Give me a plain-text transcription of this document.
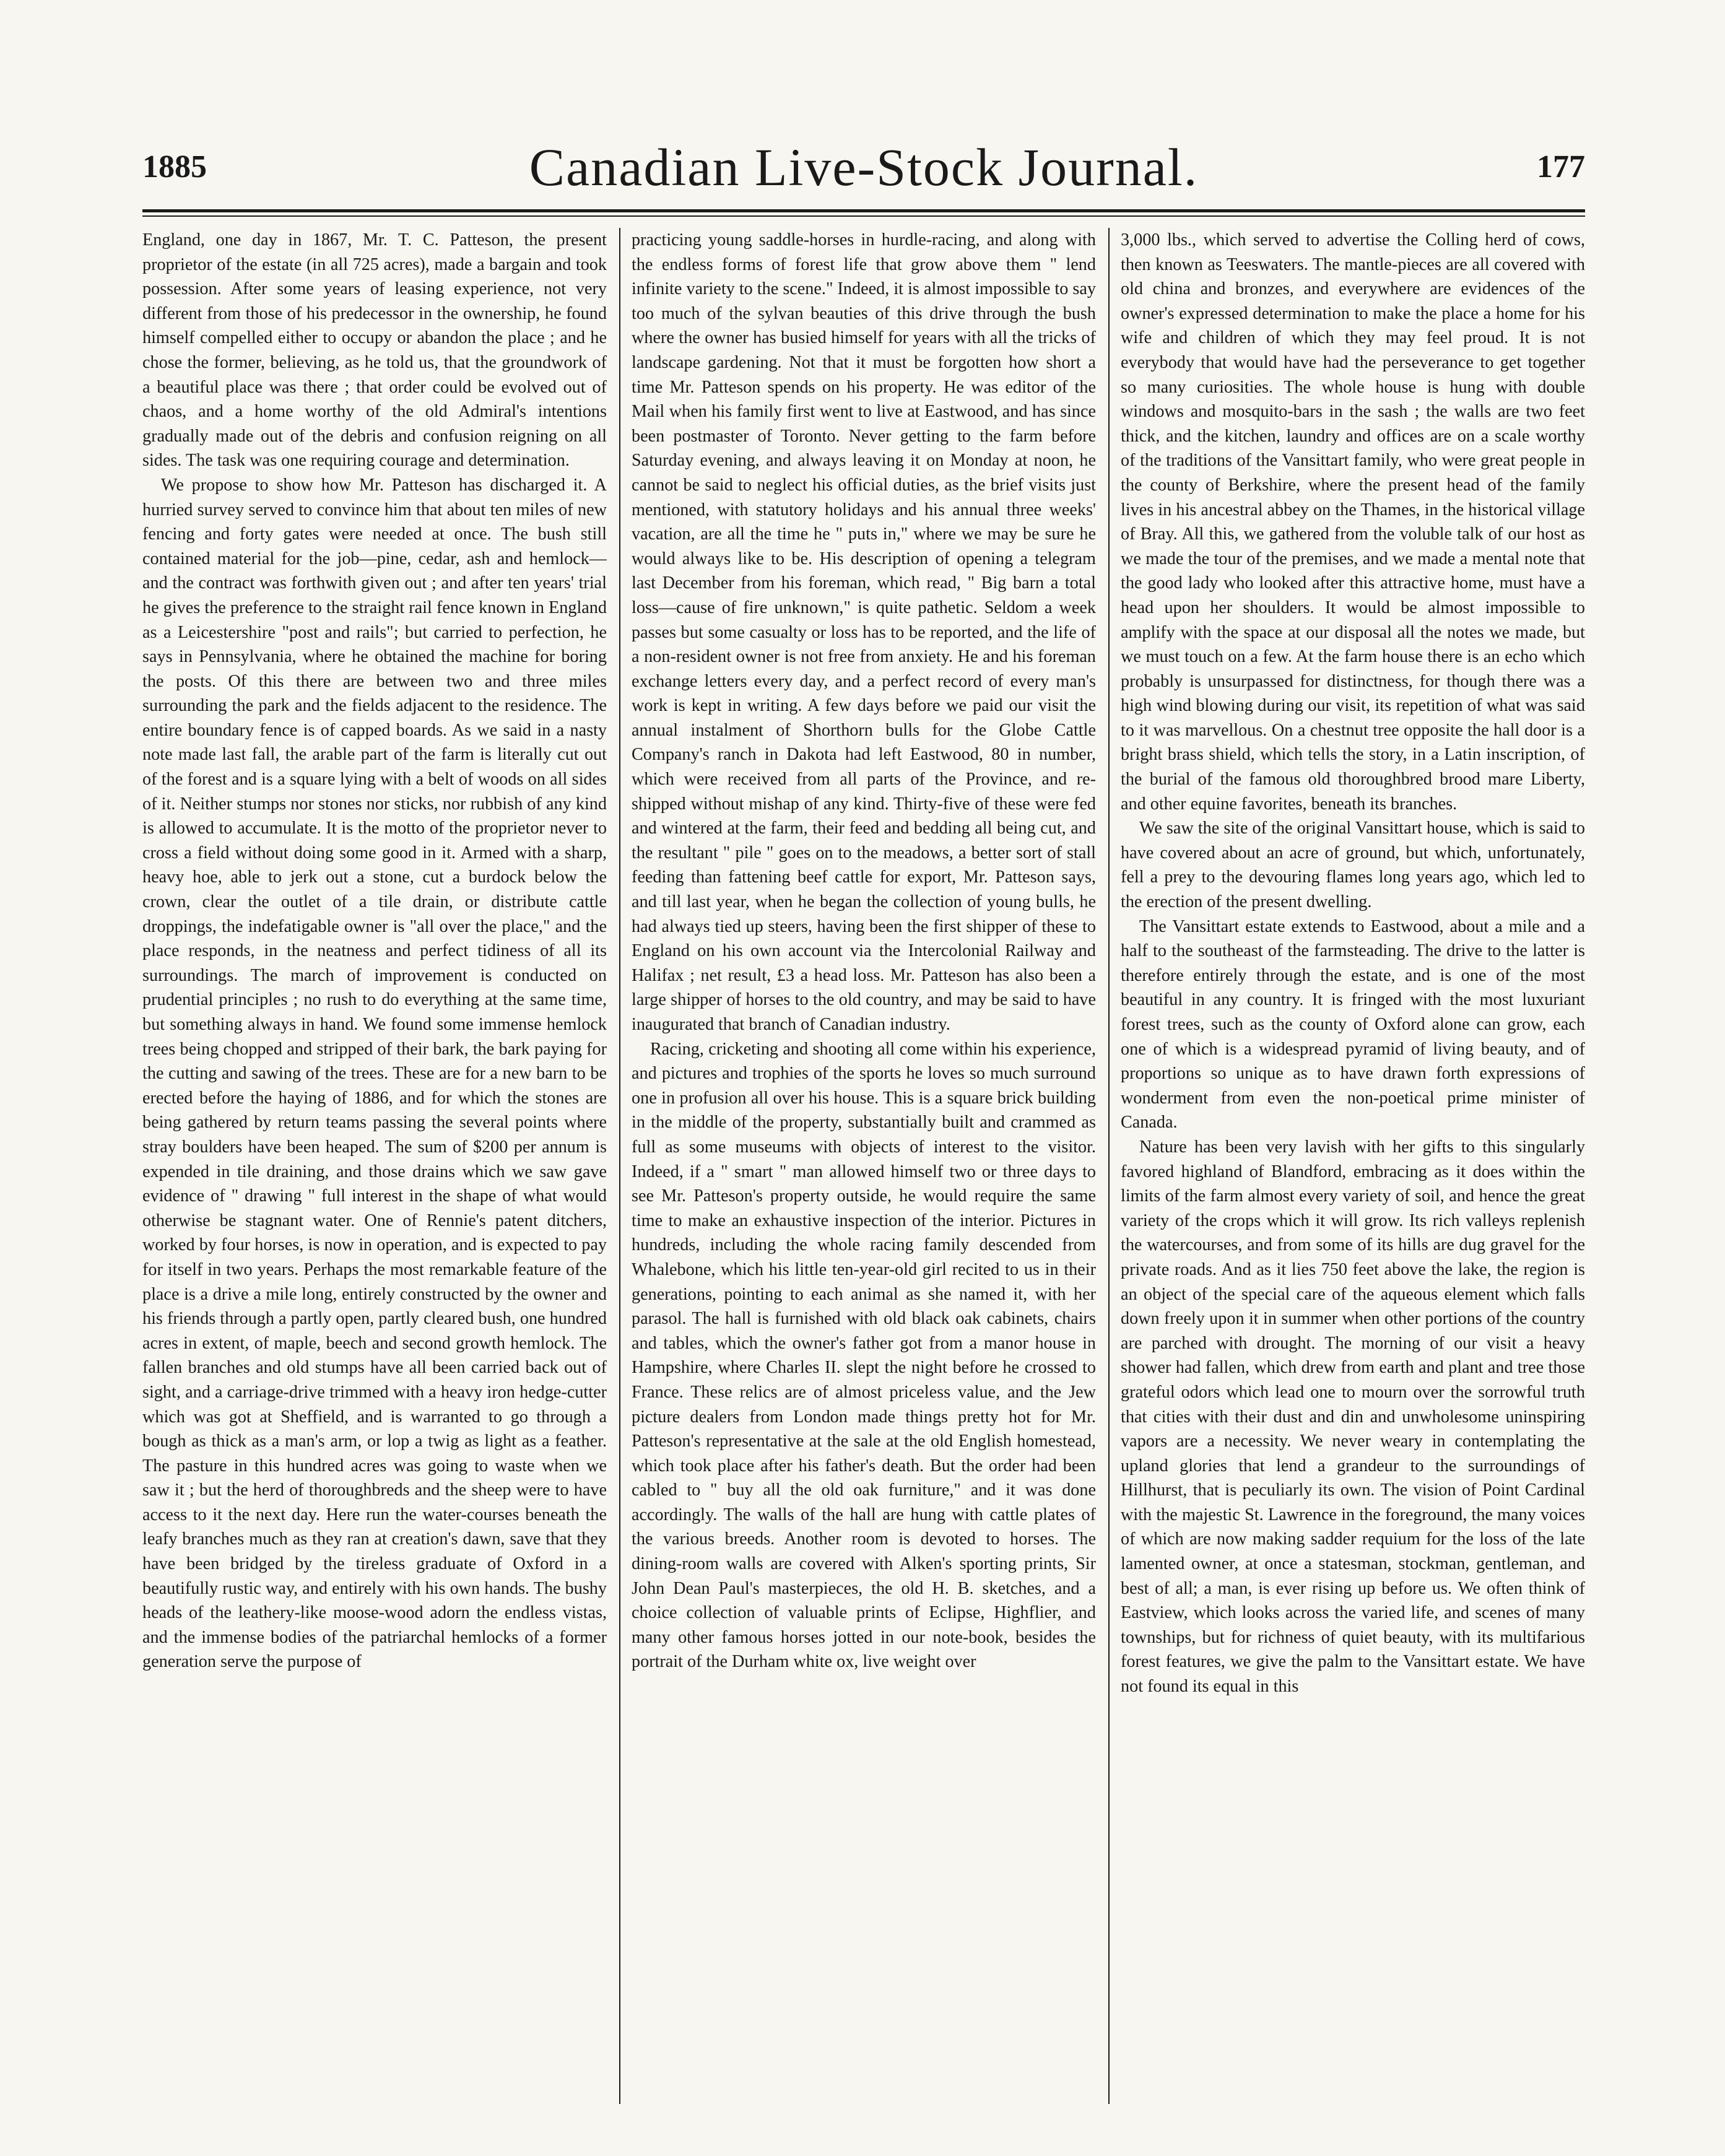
Canadian Live-Stock Journal.
1885	177

England, one day in 1867, Mr. T. C. Patteson, the present proprietor of the estate (in all 725 acres), made a bargain and took possession. After some years of leasing experience, not very different from those of his predecessor in the ownership, he found himself compelled either to occupy or abandon the place ; and he chose the former, believing, as he told us, that the groundwork of a beautiful place was there ; that order could be evolved out of chaos, and a home worthy of the old Admiral's intentions gradually made out of the debris and confusion reigning on all sides. The task was one requiring courage and determination.

We propose to show how Mr. Patteson has discharged it. A hurried survey served to convince him that about ten miles of new fencing and forty gates were needed at once. The bush still contained material for the job—pine, cedar, ash and hemlock—and the contract was forthwith given out ; and after ten years' trial he gives the preference to the straight rail fence known in England as a Leicestershire "post and rails"; but carried to perfection, he says in Pennsylvania, where he obtained the machine for boring the posts. Of this there are between two and three miles surrounding the park and the fields adjacent to the residence. The entire boundary fence is of capped boards. As we said in a nasty note made last fall, the arable part of the farm is literally cut out of the forest and is a square lying with a belt of woods on all sides of it. Neither stumps nor stones nor sticks, nor rubbish of any kind is allowed to accumulate. It is the motto of the proprietor never to cross a field without doing some good in it. Armed with a sharp, heavy hoe, able to jerk out a stone, cut a burdock below the crown, clear the outlet of a tile drain, or distribute cattle droppings, the indefatigable owner is "all over the place," and the place responds, in the neatness and perfect tidiness of all its surroundings. The march of improvement is conducted on prudential principles ; no rush to do everything at the same time, but something always in hand. We found some immense hemlock trees being chopped and stripped of their bark, the bark paying for the cutting and sawing of the trees. These are for a new barn to be erected before the haying of 1886, and for which the stones are being gathered by return teams passing the several points where stray boulders have been heaped. The sum of $200 per annum is expended in tile draining, and those drains which we saw gave evidence of " drawing " full interest in the shape of what would otherwise be stagnant water. One of Rennie's patent ditchers, worked by four horses, is now in operation, and is expected to pay for itself in two years. Perhaps the most remarkable feature of the place is a drive a mile long, entirely constructed by the owner and his friends through a partly open, partly cleared bush, one hundred acres in extent, of maple, beech and second growth hemlock. The fallen branches and old stumps have all been carried back out of sight, and a carriage-drive trimmed with a heavy iron hedge-cutter which was got at Sheffield, and is warranted to go through a bough as thick as a man's arm, or lop a twig as light as a feather. The pasture in this hundred acres was going to waste when we saw it ; but the herd of thoroughbreds and the sheep were to have access to it the next day. Here run the water-courses beneath the leafy branches much as they ran at creation's dawn, save that they have been bridged by the tireless graduate of Oxford in a beautifully rustic way, and entirely with his own hands. The bushy heads of the leathery-like moose-wood adorn the endless vistas, and the immense bodies of the patriarchal hemlocks of a former generation serve the purpose of

practicing young saddle-horses in hurdle-racing, and along with the endless forms of forest life that grow above them " lend infinite variety to the scene." Indeed, it is almost impossible to say too much of the sylvan beauties of this drive through the bush where the owner has busied himself for years with all the tricks of landscape gardening. Not that it must be forgotten how short a time Mr. Patteson spends on his property. He was editor of the Mail when his family first went to live at Eastwood, and has since been postmaster of Toronto. Never getting to the farm before Saturday evening, and always leaving it on Monday at noon, he cannot be said to neglect his official duties, as the brief visits just mentioned, with statutory holidays and his annual three weeks' vacation, are all the time he " puts in," where we may be sure he would always like to be. His description of opening a telegram last December from his foreman, which read, " Big barn a total loss—cause of fire unknown," is quite pathetic. Seldom a week passes but some casualty or loss has to be reported, and the life of a non-resident owner is not free from anxiety. He and his foreman exchange letters every day, and a perfect record of every man's work is kept in writing. A few days before we paid our visit the annual instalment of Shorthorn bulls for the Globe Cattle Company's ranch in Dakota had left Eastwood, 80 in number, which were received from all parts of the Province, and re-shipped without mishap of any kind. Thirty-five of these were fed and wintered at the farm, their feed and bedding all being cut, and the resultant " pile " goes on to the meadows, a better sort of stall feeding than fattening beef cattle for export, Mr. Patteson says, and till last year, when he began the collection of young bulls, he had always tied up steers, having been the first shipper of these to England on his own account via the Intercolonial Railway and Halifax ; net result, £3 a head loss. Mr. Patteson has also been a large shipper of horses to the old country, and may be said to have inaugurated that branch of Canadian industry.

Racing, cricketing and shooting all come within his experience, and pictures and trophies of the sports he loves so much surround one in profusion all over his house. This is a square brick building in the middle of the property, substantially built and crammed as full as some museums with objects of interest to the visitor. Indeed, if a " smart " man allowed himself two or three days to see Mr. Patteson's property outside, he would require the same time to make an exhaustive inspection of the interior. Pictures in hundreds, including the whole racing family descended from Whalebone, which his little ten-year-old girl recited to us in their generations, pointing to each animal as she named it, with her parasol. The hall is furnished with old black oak cabinets, chairs and tables, which the owner's father got from a manor house in Hampshire, where Charles II. slept the night before he crossed to France. These relics are of almost priceless value, and the Jew picture dealers from London made things pretty hot for Mr. Patteson's representative at the sale at the old English homestead, which took place after his father's death. But the order had been cabled to " buy all the old oak furniture," and it was done accordingly. The walls of the hall are hung with cattle plates of the various breeds. Another room is devoted to horses. The dining-room walls are covered with Alken's sporting prints, Sir John Dean Paul's masterpieces, the old H. B. sketches, and a choice collection of valuable prints of Eclipse, Highflier, and many other famous horses jotted in our note-book, besides the portrait of the Durham white ox, live weight over

3,000 lbs., which served to advertise the Colling herd of cows, then known as Teeswaters. The mantle-pieces are all covered with old china and bronzes, and everywhere are evidences of the owner's expressed determination to make the place a home for his wife and children of which they may feel proud. It is not everybody that would have had the perseverance to get together so many curiosities. The whole house is hung with double windows and mosquito-bars in the sash ; the walls are two feet thick, and the kitchen, laundry and offices are on a scale worthy of the traditions of the Vansittart family, who were great people in the county of Berkshire, where the present head of the family lives in his ancestral abbey on the Thames, in the historical village of Bray. All this, we gathered from the voluble talk of our host as we made the tour of the premises, and we made a mental note that the good lady who looked after this attractive home, must have a head upon her shoulders. It would be almost impossible to amplify with the space at our disposal all the notes we made, but we must touch on a few. At the farm house there is an echo which probably is unsurpassed for distinctness, for though there was a high wind blowing during our visit, its repetition of what was said to it was marvellous. On a chestnut tree opposite the hall door is a bright brass shield, which tells the story, in a Latin inscription, of the burial of the famous old thoroughbred brood mare Liberty, and other equine favorites, beneath its branches.

We saw the site of the original Vansittart house, which is said to have covered about an acre of ground, but which, unfortunately, fell a prey to the devouring flames long years ago, which led to the erection of the present dwelling.

The Vansittart estate extends to Eastwood, about a mile and a half to the southeast of the farmsteading. The drive to the latter is therefore entirely through the estate, and is one of the most beautiful in any country. It is fringed with the most luxuriant forest trees, such as the county of Oxford alone can grow, each one of which is a widespread pyramid of living beauty, and of proportions so unique as to have drawn forth expressions of wonderment from even the non-poetical prime minister of Canada.

Nature has been very lavish with her gifts to this singularly favored highland of Blandford, embracing as it does within the limits of the farm almost every variety of soil, and hence the great variety of the crops which it will grow. Its rich valleys replenish the watercourses, and from some of its hills are dug gravel for the private roads. And as it lies 750 feet above the lake, the region is an object of the special care of the aqueous element which falls down freely upon it in summer when other portions of the country are parched with drought. The morning of our visit a heavy shower had fallen, which drew from earth and plant and tree those grateful odors which lead one to mourn over the sorrowful truth that cities with their dust and din and unwholesome uninspiring vapors are a necessity. We never weary in contemplating the upland glories that lend a grandeur to the surroundings of Hillhurst, that is peculiarly its own. The vision of Point Cardinal with the majestic St. Lawrence in the foreground, the many voices of which are now making sadder requium for the loss of the late lamented owner, at once a statesman, stockman, gentleman, and best of all; a man, is ever rising up before us. We often think of Eastview, which looks across the varied life, and scenes of many townships, but for richness of quiet beauty, with its multifarious forest features, we give the palm to the Vansittart estate. We have not found its equal in this
